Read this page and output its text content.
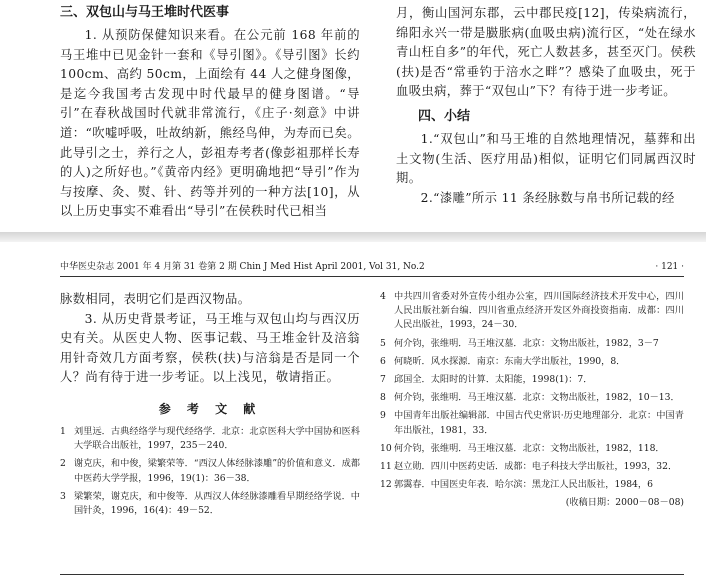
三、双包山与马王堆时代医事

1. 从预防保健知识来看。在公元前 168 年前的马王堆中已见金针一套和《导引图》。《导引图》长约 100cm、高约 50cm，上面绘有 44 人之健身图像，是迄今我国考古发现中时代最早的健身图谱。“导引”在春秋战国时代就非常流行，《庄子·刻意》中讲道：“吹嘘呼吸，吐故纳新，熊经鸟伸，为寿而已矣。此导引之士，养行之人，彭祖寿考者(像彭祖那样长寿的人)之所好也。”《黄帝内经》更明确地把“导引”作为与按摩、灸、熨、针、药等并列的一种方法[10]，从以上历史事实不难看出“导引”在侯秩时代已相当

月，衡山国河东郡，云中郡民疫[12]，传染病流行，绵阳永兴一带是臌胀病(血吸虫病)流行区，“处在绿水青山枉自多”的年代，死亡人数甚多，甚至灭门。侯秩(扶)是否“常垂钓于涪水之畔”？感染了血吸虫，死于血吸虫病，葬于“双包山”下？有待于进一步考证。

四、小结

1.“双包山”和马王堆的自然地理情况，墓葬和出土文物(生活、医疗用品)相似，证明它们同属西汉时期。

2.“漆雕”所示 11 条经脉数与帛书所记载的经

中华医史杂志 2001 年 4 月第 31 卷第 2 期 Chin J Med Hist April 2001, Vol 31, No.2	· 121 ·

脉数相同，表明它们是西汉物品。

3. 从历史背景考证，马王堆与双包山均与西汉历史有关。从医史人物、医事记载、马王堆金针及涪翁用针奇效几方面考察，侯秩(扶)与涪翁是否是同一个人？尚有待于进一步考证。以上浅见，敬请指正。

参 考 文 献
1 刘里远．古典经络学与现代经络学．北京：北京医科大学中国协和医科大学联合出版社，1997，235－240．
2 谢克庆，和中俊，梁繁荣等．“西汉人体经脉漆雕”的价值和意义．成都中医药大学学报，1996，19(1)：36－38．
3 梁繁荣，谢克庆，和中俊等．从西汉人体经脉漆雕看早期经络学说．中国针灸，1996，16(4)：49－52．
4 中共四川省委对外宣传小组办公室，四川国际经济技术开发中心，四川人民出版社新台编．四川省重点经济开发区外商投资指南．成都：四川人民出版社，1993，24－30．
5 何介钧，张维明．马王堆汉墓．北京：文物出版社，1982，3－7
6 何晓昕．风水探源．南京：东南大学出版社，1990，8．
7 邱国全．太阳时的计算．太阳能，1998(1)：7．
8 何介钧，张维明．马王堆汉墓．北京：文物出版社，1982，10－13．
9 中国青年出版社编辑部．中国古代史常识·历史地理部分．北京：中国青年出版社，1981，33．
10 何介钧，张维明．马王堆汉墓．北京：文物出版社，1982，118．
11 赵立勋．四川中医药史话．成都：电子科技大学出版社，1993，32．
12 郭霭春．中国医史年表．哈尔滨：黑龙江人民出版社，1984，6
(收稿日期：2000－08－08)
